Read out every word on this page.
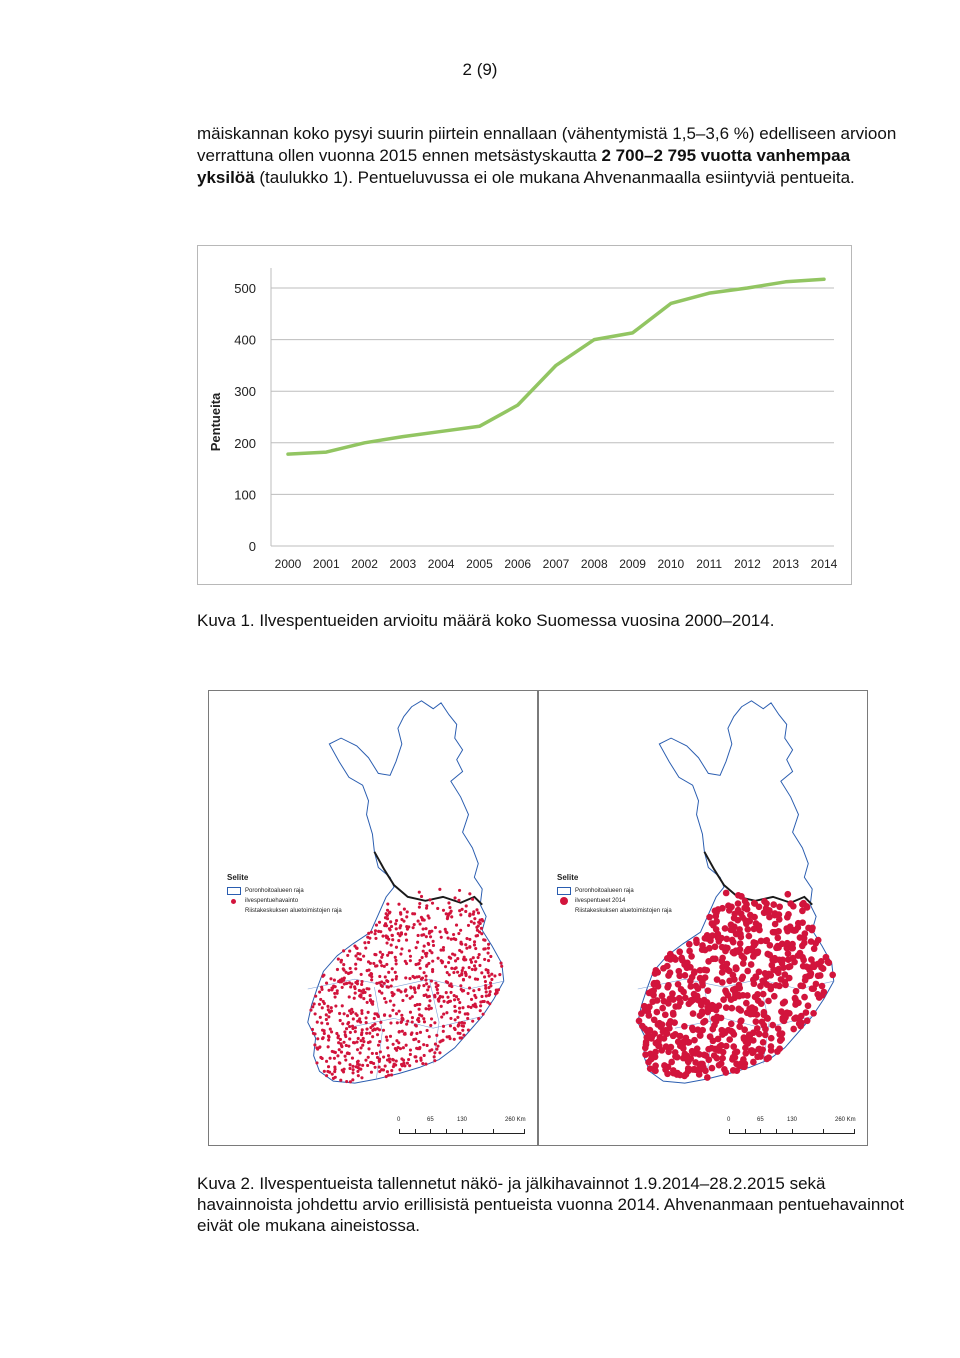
2 (9)
mäiskannan koko pysyi suurin piirtein ennallaan (vähentymistä 1,5–3,6 %) edelliseen arvioon verrattuna ollen vuonna 2015 ennen metsästyskautta 2 700–2 795 vuotta vanhempaa yksilöä (taulukko 1). Pentueluvussa ei ole mukana Ahvenanmaalla esiintyviä pentueita.
0
100
200
300
400
500
2000 2001 2002 2003 2004 2005 2006 2007 2008 2009 2010 2011 2012 2013 2014
Pentueita
Kuva 1. Ilvespentueiden arvioitu määrä koko Suomessa vuosina 2000–2014.
Selite
Poronhoitoalueen raja
ilvespentuehavainto
Riistakeskuksen aluetoimistojen raja
0	65	130	260 Km
Selite
Poronhoitoalueen raja
ilvespentueet 2014
Riistakeskuksen aluetoimistojen raja
0	65	130	260 Km
Kuva 2. Ilvespentueista tallennetut näkö- ja jälkihavainnot 1.9.2014–28.2.2015 sekä havainnoista johdettu arvio erillisistä pentueista vuonna 2014. Ahvenanmaan pentuehavainnot eivät ole mukana aineistossa.
